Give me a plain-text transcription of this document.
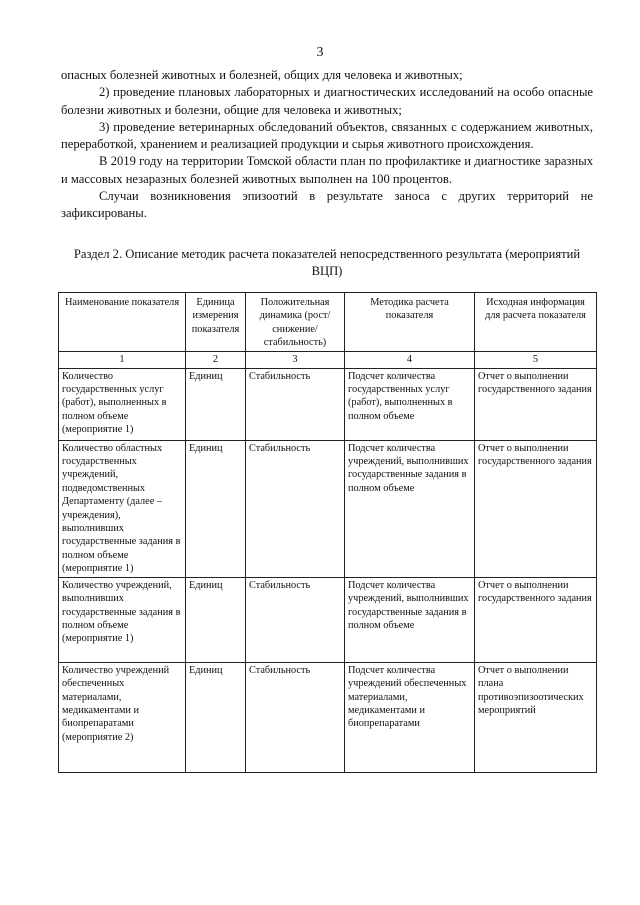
3

опасных болезней животных и болезней, общих для человека и животных;

2) проведение плановых лабораторных и диагностических исследований на особо опасные болезни животных и болезни, общие для человека и животных;

3) проведение ветеринарных обследований объектов, связанных с содержанием животных, переработкой, хранением и реализацией продукции и сырья животного происхождения.

В 2019 году на территории Томской области план по профилактике и диагностике заразных и массовых незаразных болезней животных выполнен на 100 процентов.

Случаи возникновения эпизоотий в результате заноса с других территорий не зафиксированы.

Раздел 2. Описание методик расчета показателей непосредственного результата (мероприятий ВЦП)
Наименование показателя	Единица измерения показателя	Положительная динамика (рост/снижение/ стабильность)	Методика расчета показателя	Исходная информация для расчета показателя
1	2	3	4	5
Количество государственных услуг (работ), выполненных в полном объеме (мероприятие 1)	Единиц	Стабильность	Подсчет количества государственных услуг (работ), выполненных в полном объеме	Отчет о выполнении государственного задания
Количество областных государственных учреждений, подведомственных Департаменту (далее – учреждения), выполнивших государственные задания в полном объеме (мероприятие 1)	Единиц	Стабильность	Подсчет количества учреждений, выполнивших государственные задания в полном объеме	Отчет о выполнении государственного задания
Количество учреждений, выполнивших государственные задания в полном объеме (мероприятие 1)	Единиц	Стабильность	Подсчет количества учреждений, выполнивших государственные задания в полном объеме	Отчет о выполнении государственного задания
Количество учреждений обеспеченных материалами, медикаментами и биопрепаратами (мероприятие 2)	Единиц	Стабильность	Подсчет количества учреждений обеспеченных материалами, медикаментами и биопрепаратами	Отчет о выполнении плана противоэпизоотических мероприятий
